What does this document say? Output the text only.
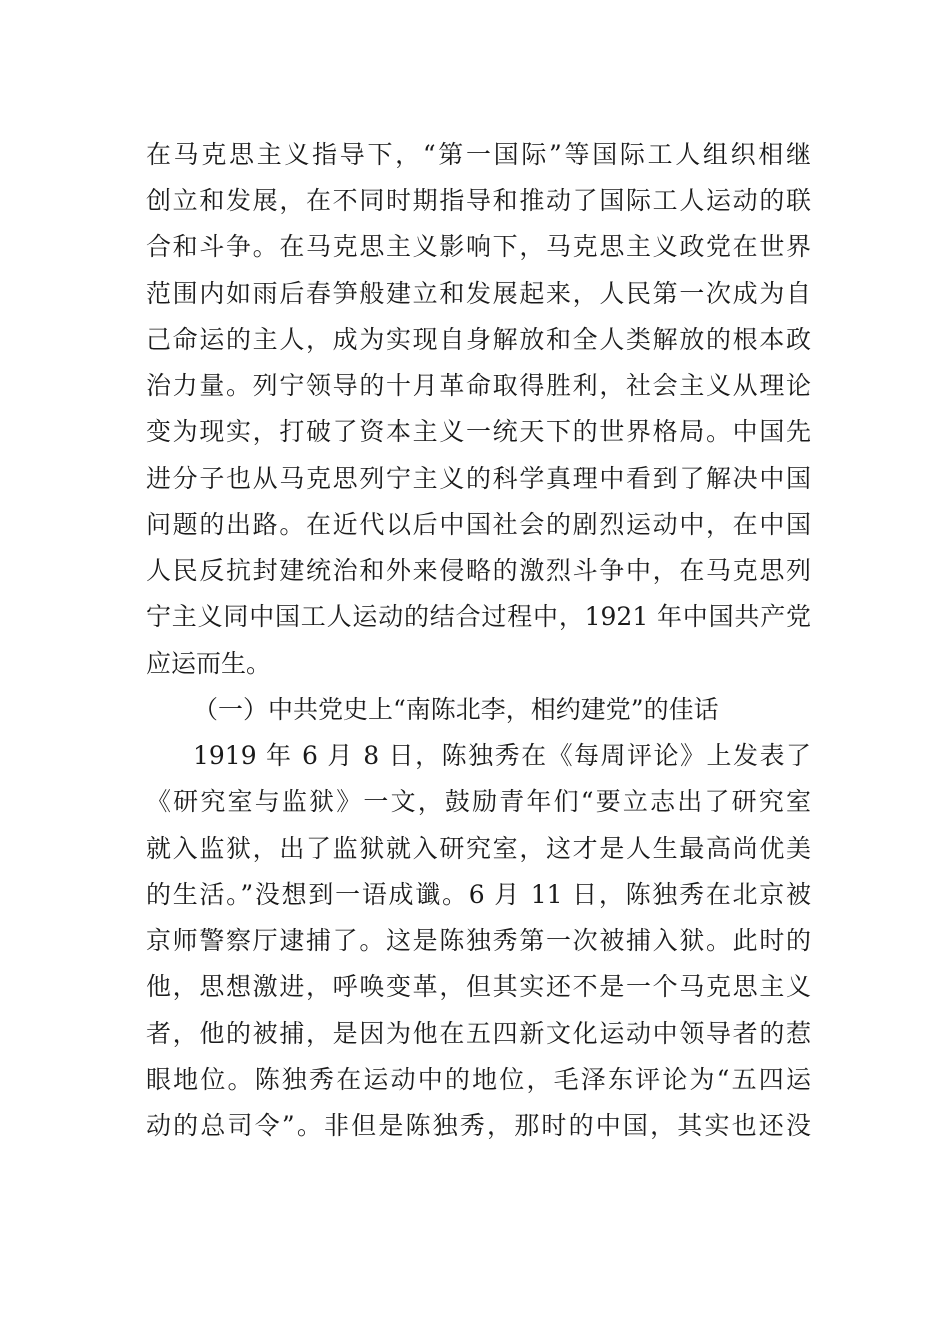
在马克思主义指导下，“第一国际”等国际工人组织相继
创立和发展，在不同时期指导和推动了国际工人运动的联
合和斗争。在马克思主义影响下，马克思主义政党在世界
范围内如雨后春笋般建立和发展起来，人民第一次成为自
己命运的主人，成为实现自身解放和全人类解放的根本政
治力量。列宁领导的十月革命取得胜利，社会主义从理论
变为现实，打破了资本主义一统天下的世界格局。中国先
进分子也从马克思列宁主义的科学真理中看到了解决中国
问题的出路。在近代以后中国社会的剧烈运动中，在中国
人民反抗封建统治和外来侵略的激烈斗争中，在马克思列
宁主义同中国工人运动的结合过程中，1921 年中国共产党
应运而生。
（一）中共党史上“南陈北李，相约建党”的佳话
1919 年 6 月 8 日，陈独秀在《每周评论》上发表了
《研究室与监狱》一文，鼓励青年们“要立志出了研究室
就入监狱，出了监狱就入研究室，这才是人生最高尚优美
的生活。”没想到一语成谶。6 月 11 日，陈独秀在北京被
京师警察厅逮捕了。这是陈独秀第一次被捕入狱。此时的
他，思想激进，呼唤变革，但其实还不是一个马克思主义
者，他的被捕，是因为他在五四新文化运动中领导者的惹
眼地位。陈独秀在运动中的地位，毛泽东评论为“五四运
动的总司令”。非但是陈独秀，那时的中国，其实也还没
